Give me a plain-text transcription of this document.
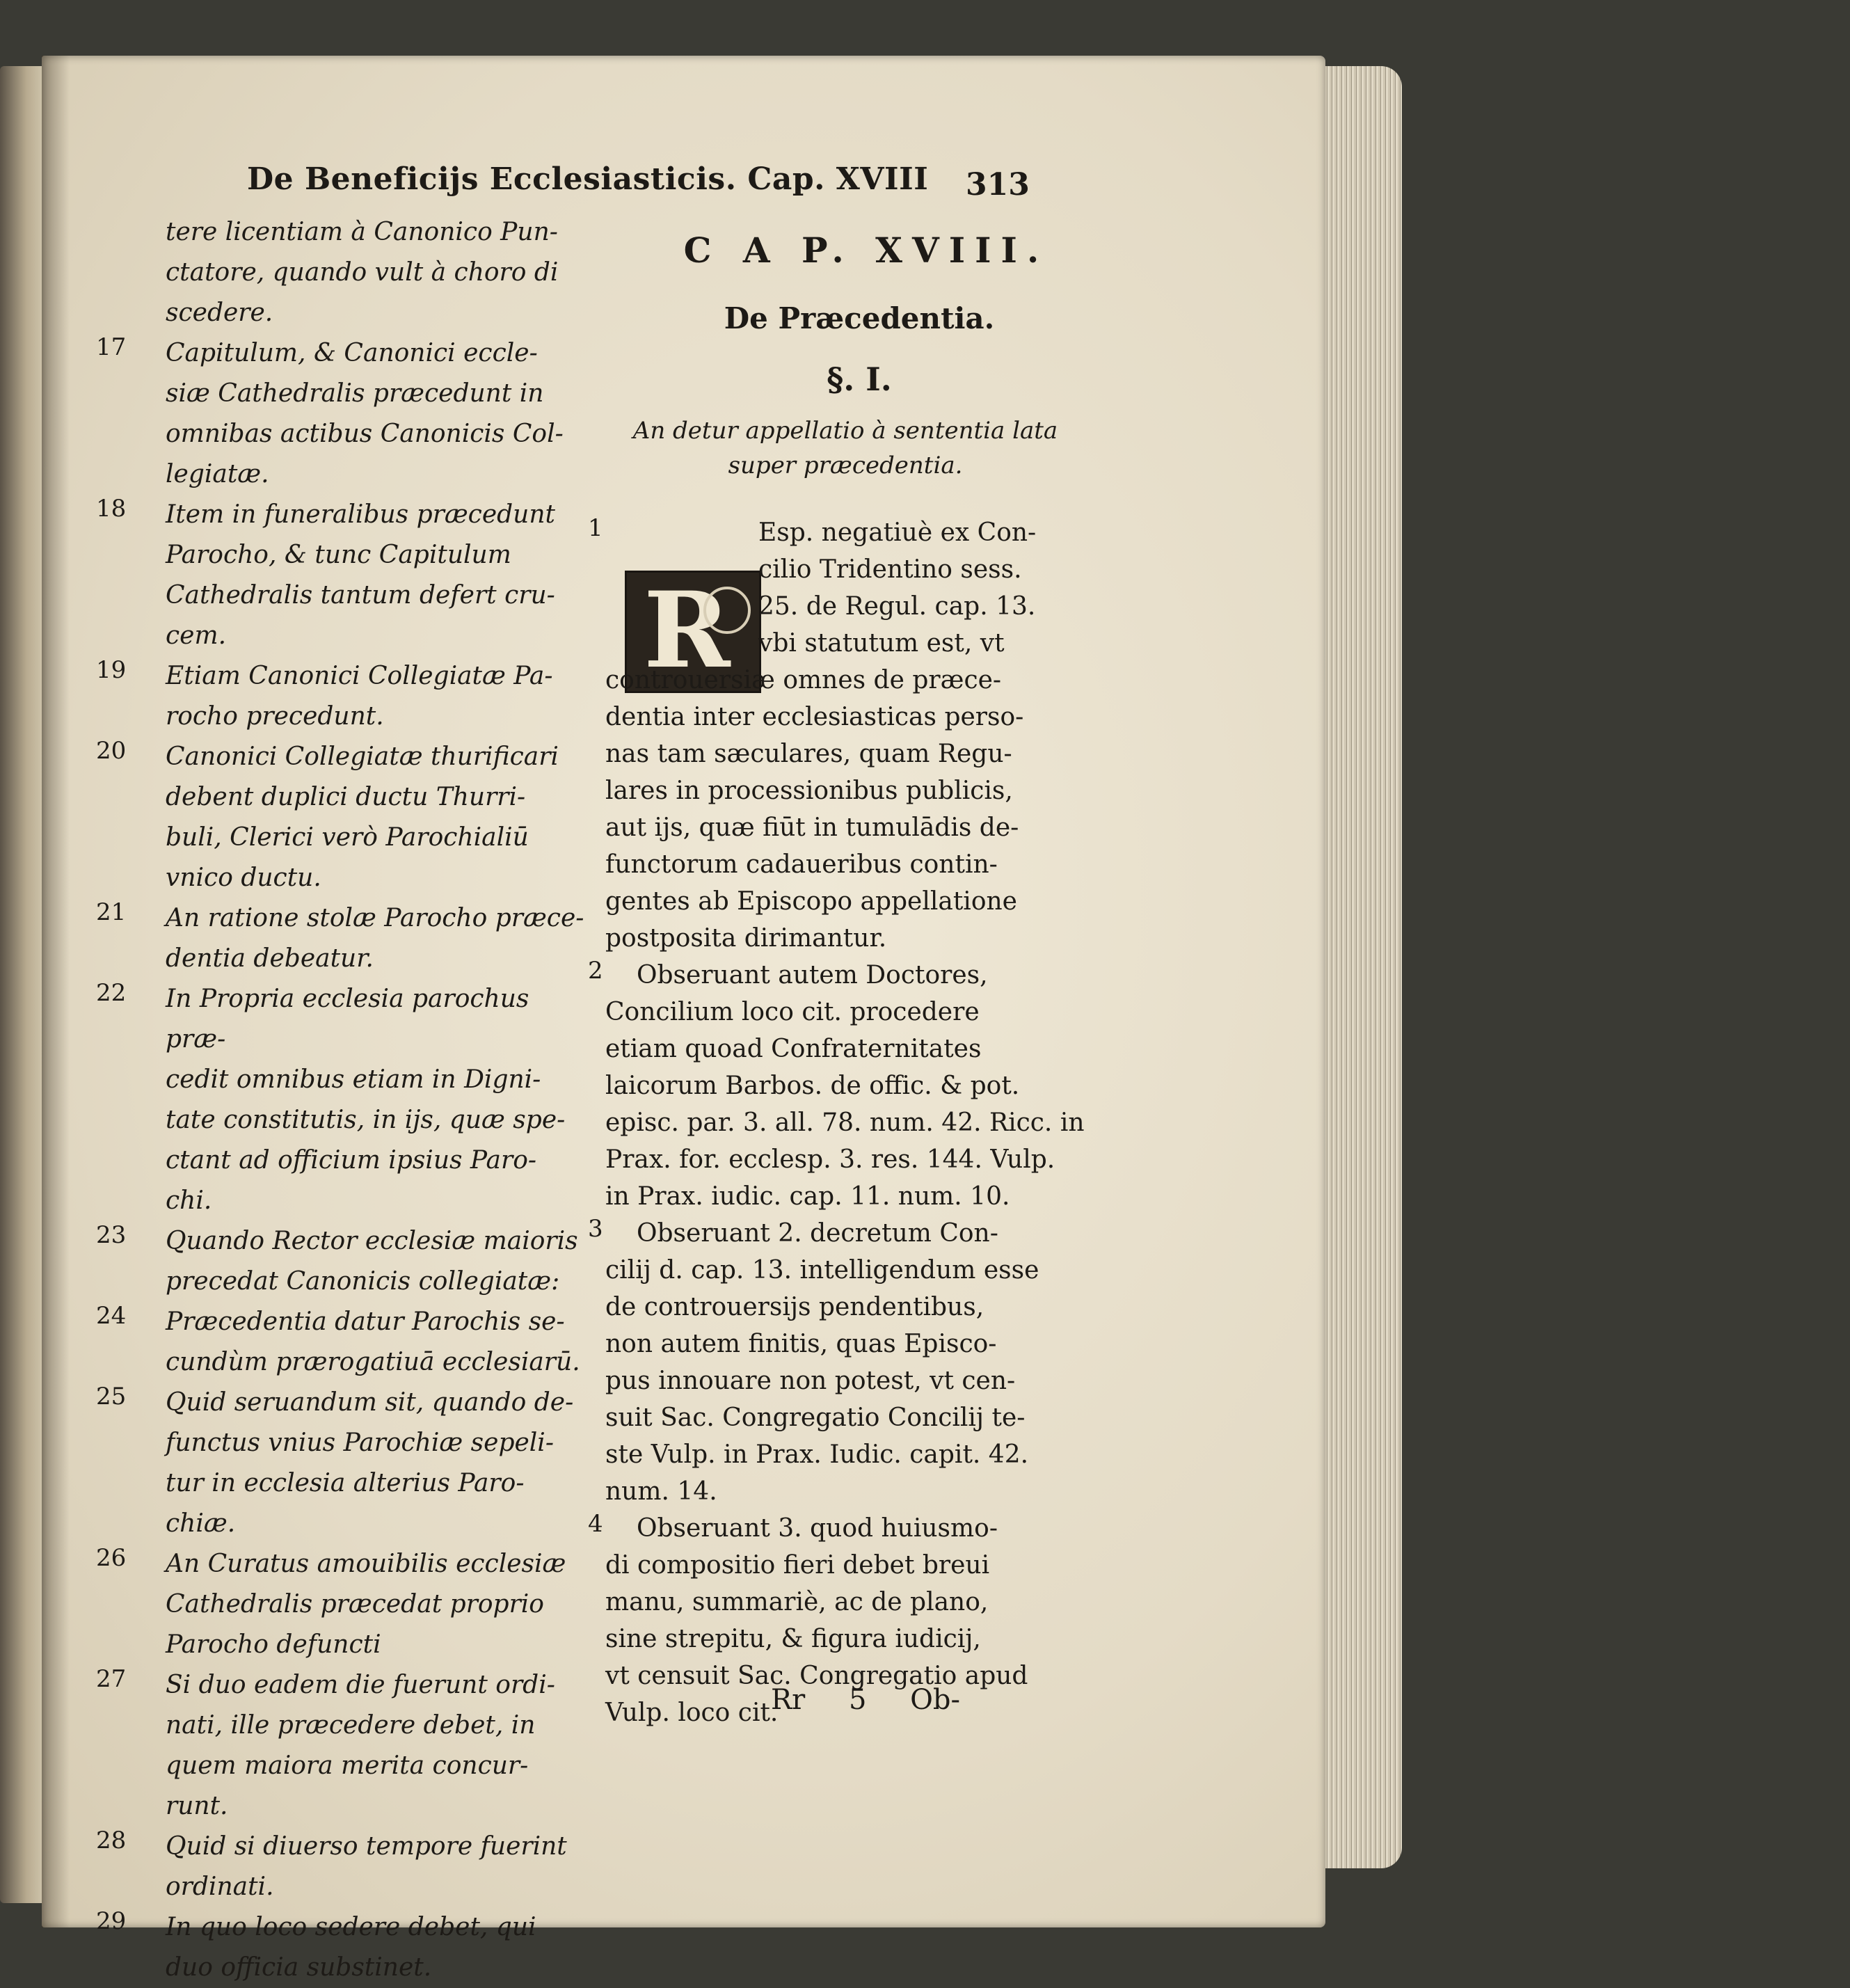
De Beneficijs Ecclesiasticis. Cap. XVIII	313
tere licentiam à Canonico Pun-
ctatore, quando vult à choro di
scedere.
17 Capitulum, & Canonici eccle-
siæ Cathedralis præcedunt in
omnibas actibus Canonicis Col-
legiatæ.
18 Item in funeralibus præcedunt
Parocho, & tunc Capitulum
Cathedralis tantum defert cru-
cem.
19 Etiam Canonici Collegiatæ Pa-
rocho precedunt.
20 Canonici Collegiatæ thurificari
debent duplici ductu Thurri-
buli, Clerici verò Parochialiū
vnico ductu.
21 An ratione stolæ Parocho præce-
dentia debeatur.
22 In Propria ecclesia parochus præ-
cedit omnibus etiam in Digni-
tate constitutis, in ijs, quæ spe-
ctant ad officium ipsius Paro-
chi.
23 Quando Rector ecclesiæ maioris
precedat Canonicis collegiatæ:
24 Præcedentia datur Parochis se-
cundùm prærogatiuā ecclesiarū.
25 Quid seruandum sit, quando de-
functus vnius Parochiæ sepeli-
tur in ecclesia alterius Paro-
chiæ.
26 An Curatus amouibilis ecclesiæ
Cathedralis præcedat proprio
Parocho defuncti
27 Si duo eadem die fuerunt ordi-
nati, ille præcedere debet, in
quem maiora merita concur-
runt.
28 Quid si diuerso tempore fuerint
ordinati.
29 In quo loco sedere debet, qui
duo officia substinet.

C A P. XVIII.

De Præcedentia.

§. I.

An detur appellatio à sententia lata
super præcedentia.

R
1	Esp. negatiuè ex Con-
cilio Tridentino sess.
25. de Regul. cap. 13.
vbi statutum est, vt
controuersiæ omnes de præce-
dentia inter ecclesiasticas perso-
nas tam sæculares, quam Regu-
lares in processionibus publicis,
aut ijs, quæ fiūt in tumulādis de-
functorum cadaueribus contin-
gentes ab Episcopo appellatione
postposita dirimantur.

2	Obseruant autem Doctores,
Concilium loco cit. procedere
etiam quoad Confraternitates
laicorum Barbos. de offic. & pot.
episc. par. 3. all. 78. num. 42. Ricc. in
Prax. for. ecclesp. 3. res. 144. Vulp.
in Prax. iudic. cap. 11. num. 10.

3	Obseruant 2. decretum Con-
cilij d. cap. 13. intelligendum esse
de controuersijs pendentibus,
non autem finitis, quas Episco-
pus innouare non potest, vt cen-
suit Sac. Congregatio Concilij te-
ste Vulp. in Prax. Iudic. capit. 42.
num. 14.

4	Obseruant 3. quod huiusmo-
di compositio fieri debet breui
manu, summariè, ac de plano,
sine strepitu, & figura iudicij,
vt censuit Sac. Congregatio apud
Vulp. loco cit.

Rr 5 Ob-
